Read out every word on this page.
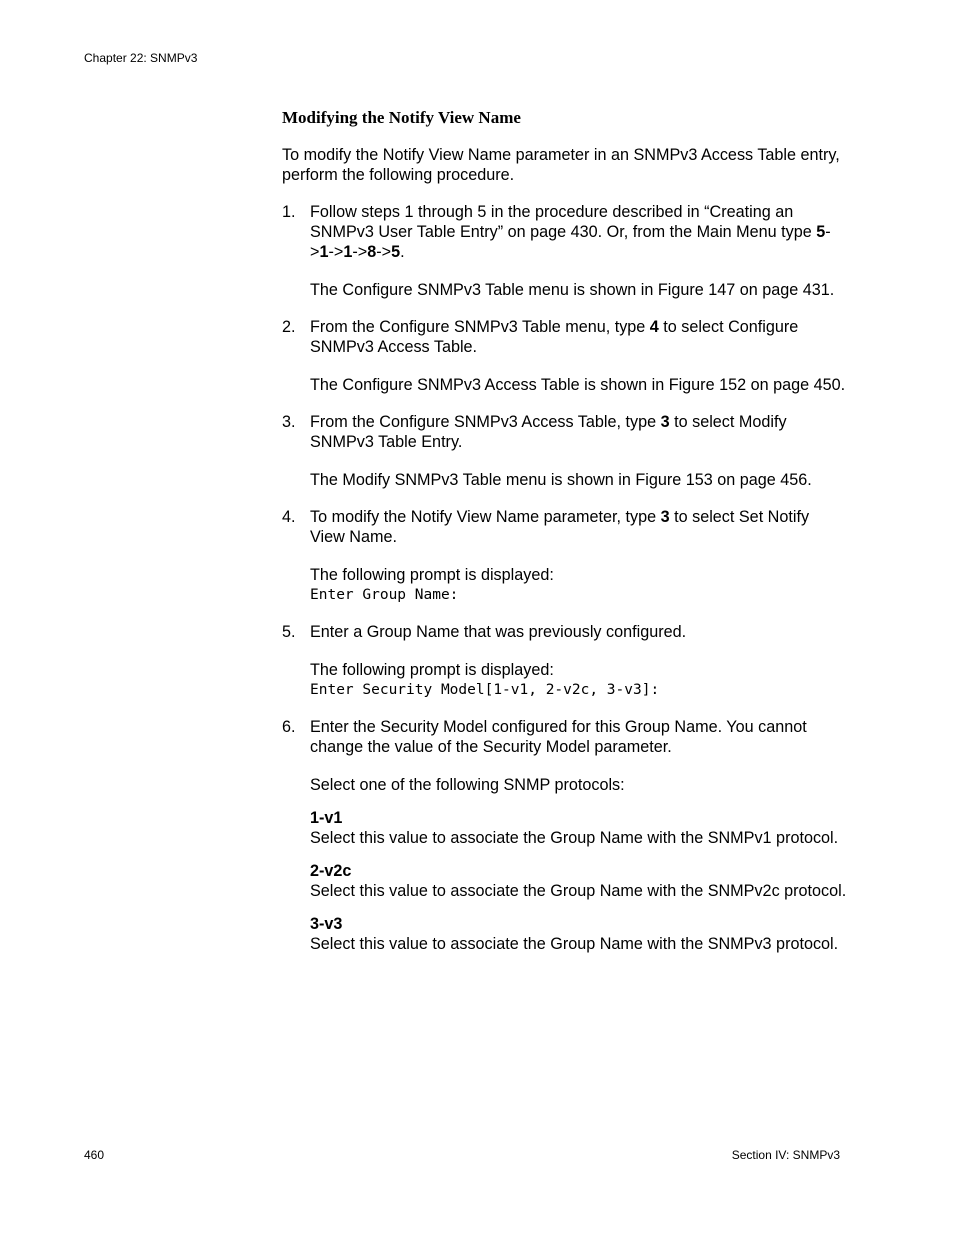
Chapter 22: SNMPv3
Modifying the Notify View Name

To modify the Notify View Name parameter in an SNMPv3 Access Table entry, perform the following procedure.

1. Follow steps 1 through 5 in the procedure described in “Creating an SNMPv3 User Table Entry” on page 430. Or, from the Main Menu type 5->1->1->8->5.

The Configure SNMPv3 Table menu is shown in Figure 147 on page 431.

2. From the Configure SNMPv3 Table menu, type 4 to select Configure SNMPv3 Access Table.

The Configure SNMPv3 Access Table is shown in Figure 152 on page 450.

3. From the Configure SNMPv3 Access Table, type 3 to select Modify SNMPv3 Table Entry.

The Modify SNMPv3 Table menu is shown in Figure 153 on page 456.

4. To modify the Notify View Name parameter, type 3 to select Set Notify View Name.

The following prompt is displayed:

Enter Group Name:

5. Enter a Group Name that was previously configured.

The following prompt is displayed:

Enter Security Model[1-v1, 2-v2c, 3-v3]:

6. Enter the Security Model configured for this Group Name. You cannot change the value of the Security Model parameter.

Select one of the following SNMP protocols:

1-v1
Select this value to associate the Group Name with the SNMPv1 protocol.
2-v2c
Select this value to associate the Group Name with the SNMPv2c protocol.
3-v3
Select this value to associate the Group Name with the SNMPv3 protocol.
460	Section IV: SNMPv3
